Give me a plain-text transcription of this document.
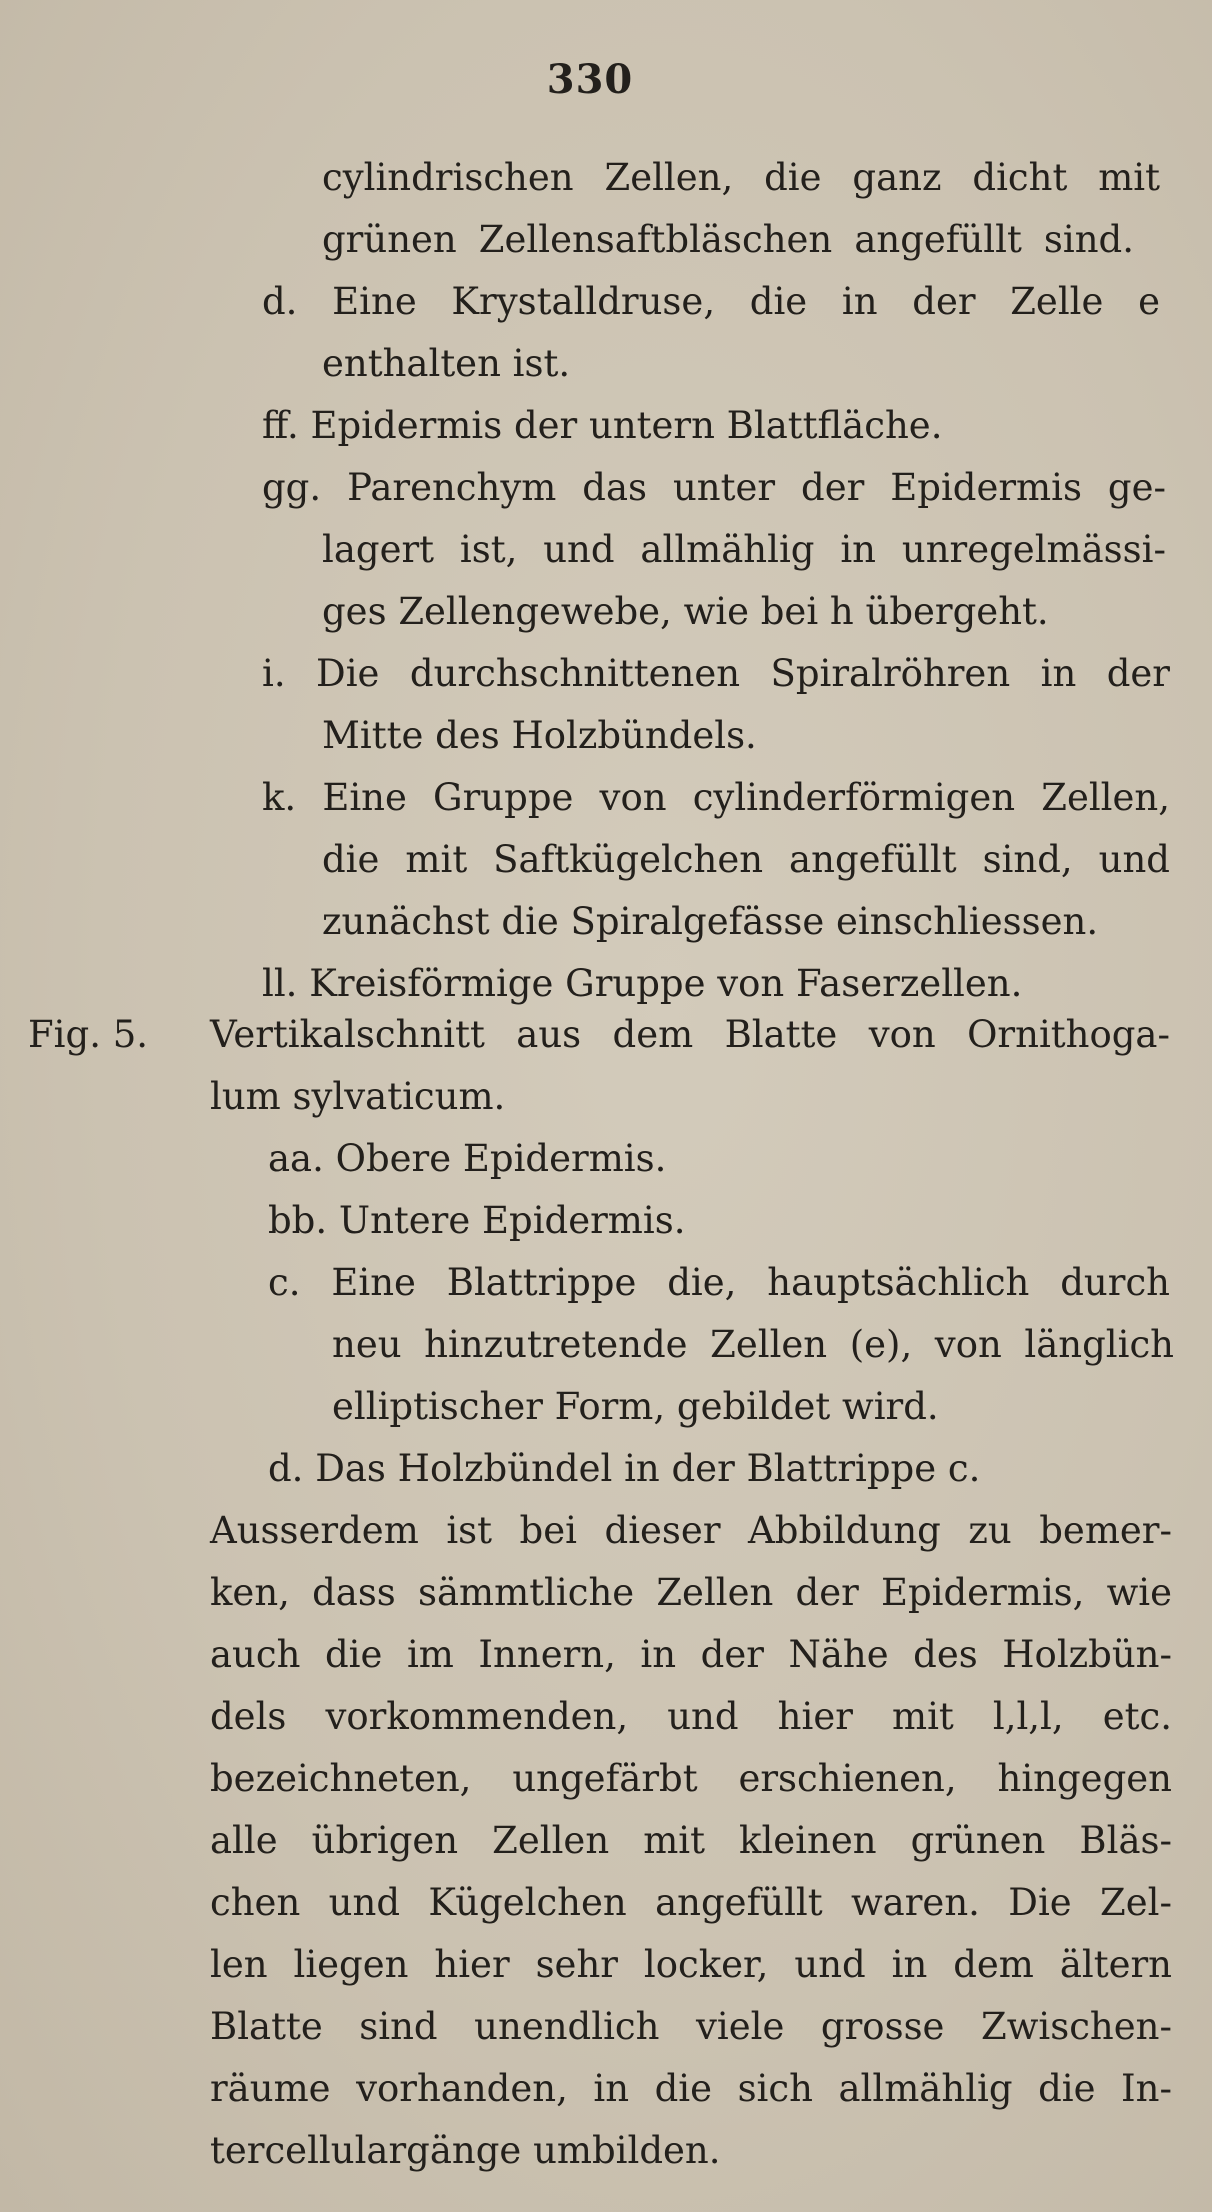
330
cylindrischen Zellen, die ganz dicht mit
grünen Zellensaftbläschen angefüllt sind.
d. Eine Krystalldruse, die in der Zelle e
enthalten ist.
ff. Epidermis der untern Blattfläche.
gg. Parenchym das unter der Epidermis ge-
lagert ist, und allmählig in unregelmässi-
ges Zellengewebe, wie bei h übergeht.
i. Die durchschnittenen Spiralröhren in der
Mitte des Holzbündels.
k. Eine Gruppe von cylinderförmigen Zellen,
die mit Saftkügelchen angefüllt sind, und
zunächst die Spiralgefässe einschliessen.
ll. Kreisförmige Gruppe von Faserzellen.
Fig. 5. Vertikalschnitt aus dem Blatte von Ornithoga-
lum sylvaticum.
aa. Obere Epidermis.
bb. Untere Epidermis.
c. Eine Blattrippe die, hauptsächlich durch
neu hinzutretende Zellen (e), von länglich
elliptischer Form, gebildet wird.
d. Das Holzbündel in der Blattrippe c.
Ausserdem ist bei dieser Abbildung zu bemer-
ken, dass sämmtliche Zellen der Epidermis, wie
auch die im Innern, in der Nähe des Holzbün-
dels vorkommenden, und hier mit l,l,l, etc.
bezeichneten, ungefärbt erschienen, hingegen
alle übrigen Zellen mit kleinen grünen Bläs-
chen und Kügelchen angefüllt waren. Die Zel-
len liegen hier sehr locker, und in dem ältern
Blatte sind unendlich viele grosse Zwischen-
räume vorhanden, in die sich allmählig die In-
tercellulargänge umbilden.
